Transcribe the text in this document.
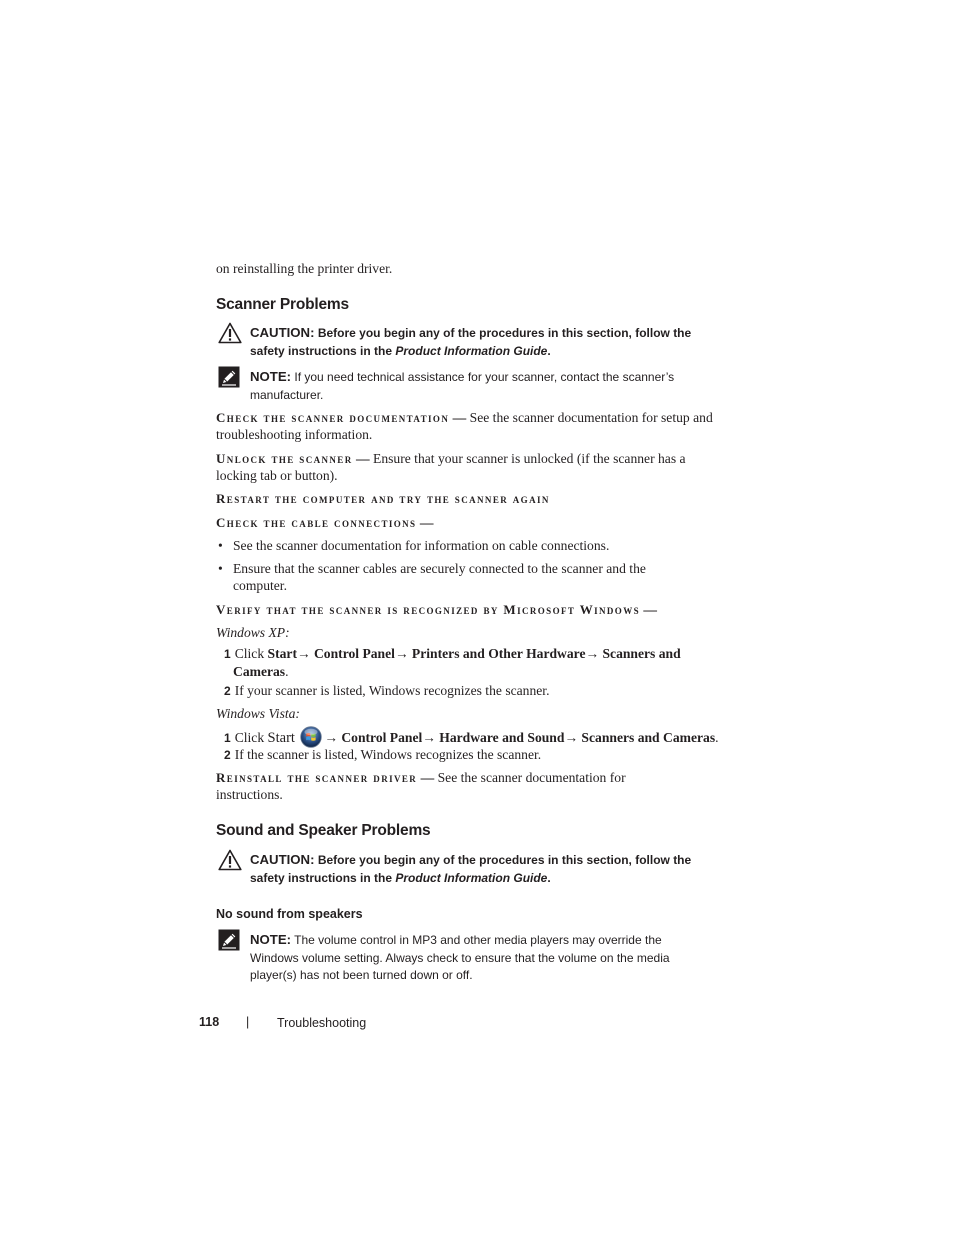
on reinstalling the printer driver.
Scanner Problems
CAUTION: Before you begin any of the procedures in this section, follow the safety instructions in the Product Information Guide.
NOTE: If you need technical assistance for your scanner, contact the scanner’s manufacturer.
Check the scanner documentation — See the scanner documentation for setup and troubleshooting information.
Unlock the scanner — Ensure that your scanner is unlocked (if the scanner has a locking tab or button).
Restart the computer and try the scanner again
Check the cable connections —
• See the scanner documentation for information on cable connections.
• Ensure that the scanner cables are securely connected to the scanner and the computer.
Verify that the scanner is recognized by Microsoft Windows —
Windows XP:
1 Click Start→ Control Panel→ Printers and Other Hardware→ Scanners and Cameras.
2 If your scanner is listed, Windows recognizes the scanner.
Windows Vista:
1 Click Start → Control Panel→ Hardware and Sound→ Scanners and Cameras.
2 If the scanner is listed, Windows recognizes the scanner.
Reinstall the scanner driver — See the scanner documentation for instructions.
Sound and Speaker Problems
CAUTION: Before you begin any of the procedures in this section, follow the safety instructions in the Product Information Guide.
No sound from speakers
NOTE: The volume control in MP3 and other media players may override the Windows volume setting. Always check to ensure that the volume on the media player(s) has not been turned down or off.
118 | Troubleshooting
